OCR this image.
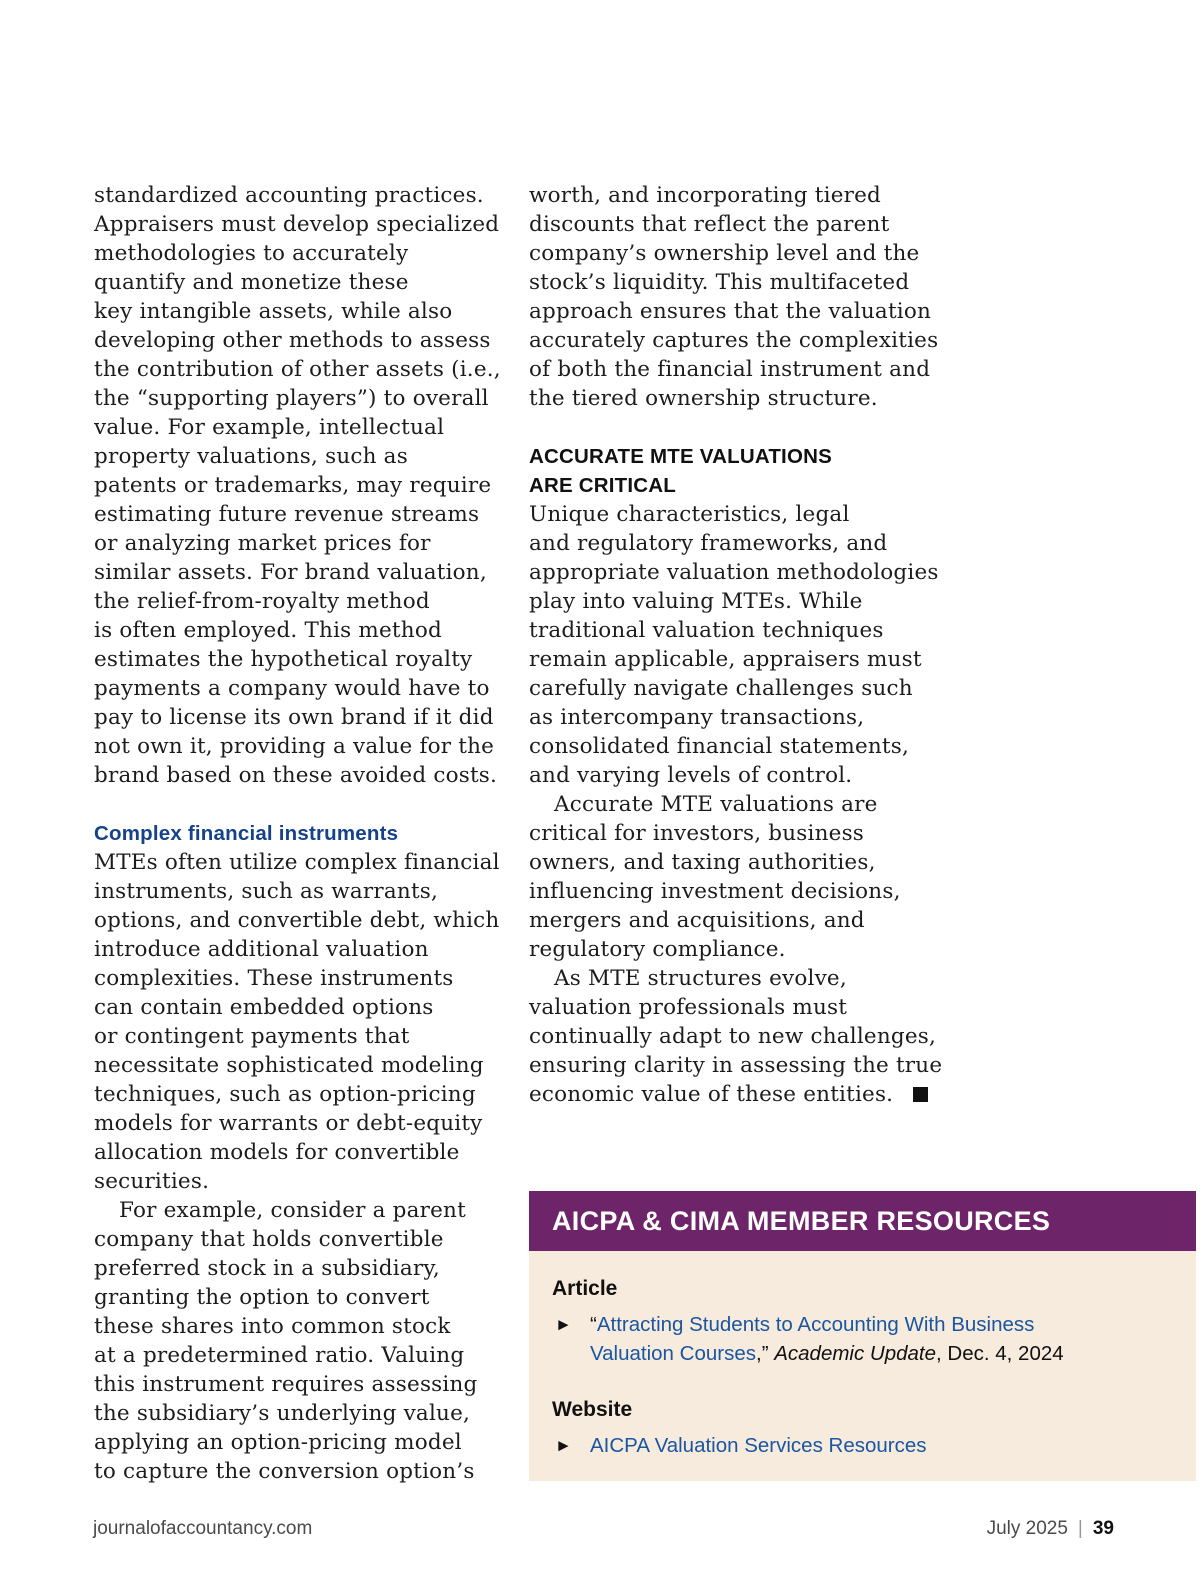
standardized accounting practices.
Appraisers must develop specialized
methodologies to accurately
quantify and monetize these
key intangible assets, while also
developing other methods to assess
the contribution of other assets (i.e.,
the “supporting players”) to overall
value. For example, intellectual
property valuations, such as
patents or trademarks, may require
estimating future revenue streams
or analyzing market prices for
similar assets. For brand valuation,
the relief-from-royalty method
is often employed. This method
estimates the hypothetical royalty
payments a company would have to
pay to license its own brand if it did
not own it, providing a value for the
brand based on these avoided costs.

Complex financial instruments

MTEs often utilize complex financial
instruments, such as warrants,
options, and convertible debt, which
introduce additional valuation
complexities. These instruments
can contain embedded options
or contingent payments that
necessitate sophisticated modeling
techniques, such as option-pricing
models for warrants or debt-equity
allocation models for convertible
securities.

For example, consider a parent
company that holds convertible
preferred stock in a subsidiary,
granting the option to convert
these shares into common stock
at a predetermined ratio. Valuing
this instrument requires assessing
the subsidiary’s underlying value,
applying an option-pricing model
to capture the conversion option’s

worth, and incorporating tiered
discounts that reflect the parent
company’s ownership level and the
stock’s liquidity. This multifaceted
approach ensures that the valuation
accurately captures the complexities
of both the financial instrument and
the tiered ownership structure.

ACCURATE MTE VALUATIONS
ARE CRITICAL

Unique characteristics, legal
and regulatory frameworks, and
appropriate valuation methodologies
play into valuing MTEs. While
traditional valuation techniques
remain applicable, appraisers must
carefully navigate challenges such
as intercompany transactions,
consolidated financial statements,
and varying levels of control.

Accurate MTE valuations are
critical for investors, business
owners, and taxing authorities,
influencing investment decisions,
mergers and acquisitions, and
regulatory compliance.

As MTE structures evolve,
valuation professionals must
continually adapt to new challenges,
ensuring clarity in assessing the true
economic value of these entities.

AICPA & CIMA MEMBER RESOURCES
Article
► “Attracting Students to Accounting With Business
Valuation Courses,” Academic Update, Dec. 4, 2024
Website
► AICPA Valuation Services Resources
journalofaccountancy.com	July 2025 | 39
